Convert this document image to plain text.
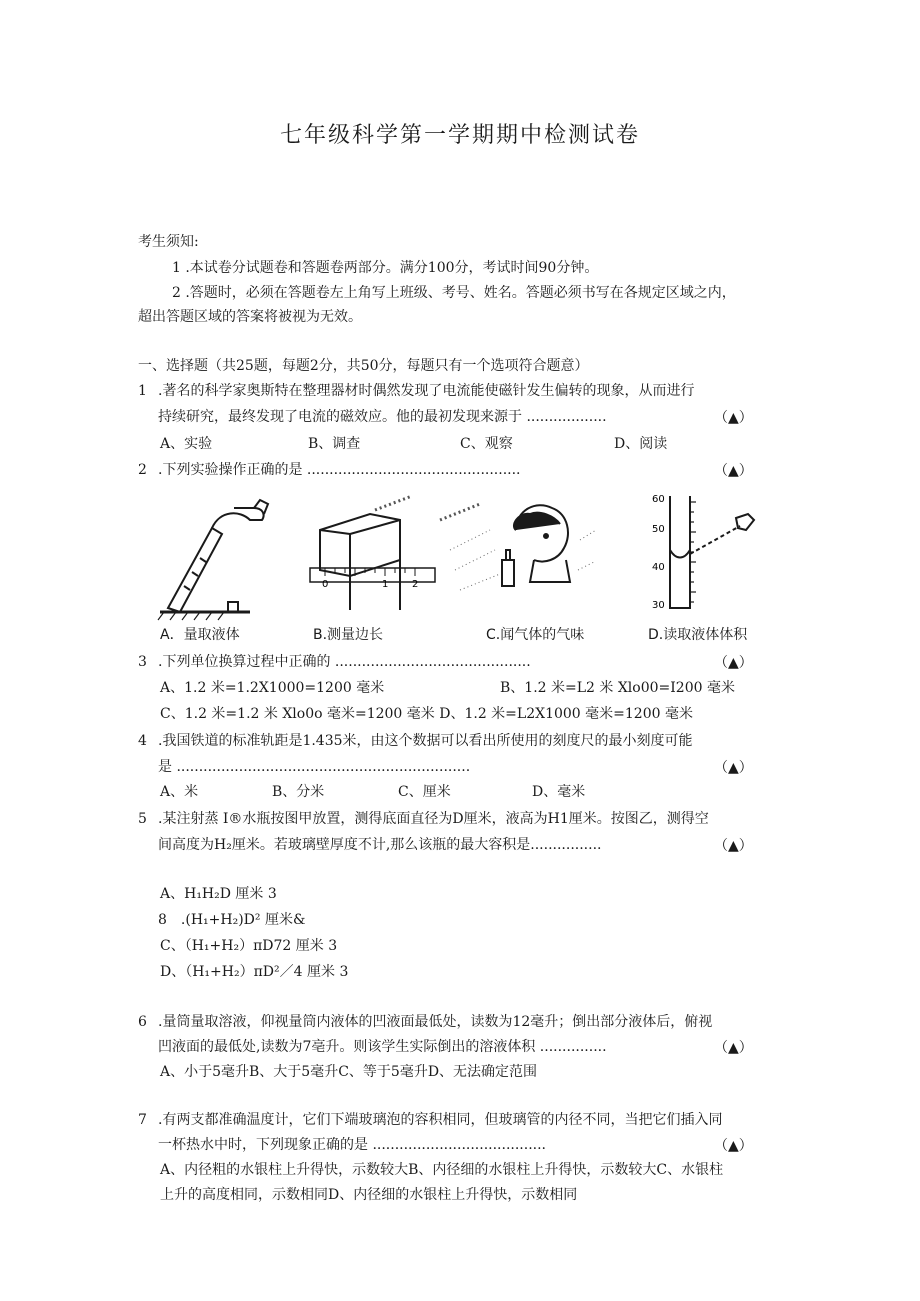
七年级科学第一学期期中检测试卷
考生须知:
1 .本试卷分试题卷和答题卷两部分。满分100分，考试时间90分钟。
2 .答题时，必须在答题卷左上角写上班级、考号、姓名。答题必须书写在各规定区域之内，
超出答题区域的答案将被视为无效。
一、选择题（共25题，每题2分，共50分，每题只有一个选项符合题意）
1 .著名的科学家奥斯特在整理器材时偶然发现了电流能使磁针发生偏转的现象，从而进行
持续研究，最终发现了电流的磁效应。他的最初发现来源于 ..................	（▲）
A、实验	B、调查	C、观察	D、阅读
2 .下列实验操作正确的是 ................................................	（▲）
0	1 2
60
50
40
30
A．量取液体	B.测量边长	C.闻气体的气味	D.读取液体体积
3 .下列单位换算过程中正确的 ............................................	（▲）
A、1.2 米=1.2X1000=1200 毫米	B、1.2 米=L2 米 Xlo00=I200 毫米
C、1.2 米=1.2 米 Xlo0o 毫米=1200 毫米 D、1.2 米=L2X1000 毫米=1200 毫米
4 .我国铁道的标准轨距是1.435米，由这个数据可以看出所使用的刻度尺的最小刻度可能
是 ..................................................................	（▲）
A、米	B、分米	C、厘米	D、毫米
5 .某注射蒸 I®水瓶按图甲放置，测得底面直径为D厘米，液高为H1厘米。按图乙，测得空
间高度为H₂厘米。若玻璃壁厚度不计,那么该瓶的最大容积是................	（▲）
A、H₁H₂D 厘米 3
8　.(H₁+H₂)D² 厘米&
C、（H₁+H₂）πD72 厘米 3
D、（H₁+H₂）πD²／4 厘米 3
6 .量筒量取溶液，仰视量筒内液体的凹液面最低处，读数为12毫升；倒出部分液体后，俯视
凹液面的最低处,读数为7亳升。则该学生实际倒出的溶液体积 ...............	（▲）
A、小于5毫升B、大于5毫升C、等于5毫升D、无法确定范围
7 .有两支都准确温度计，它们下端玻璃泡的容积相同，但玻璃管的内径不同，当把它们插入同
一杯热水中时，下列现象正确的是 .......................................	（▲）
A、内径粗的水银柱上升得快，示数较大B、内径细的水银柱上升得快，示数较大C、水银柱
上升的高度相同，示数相同D、内径细的水银柱上升得快，示数相同
